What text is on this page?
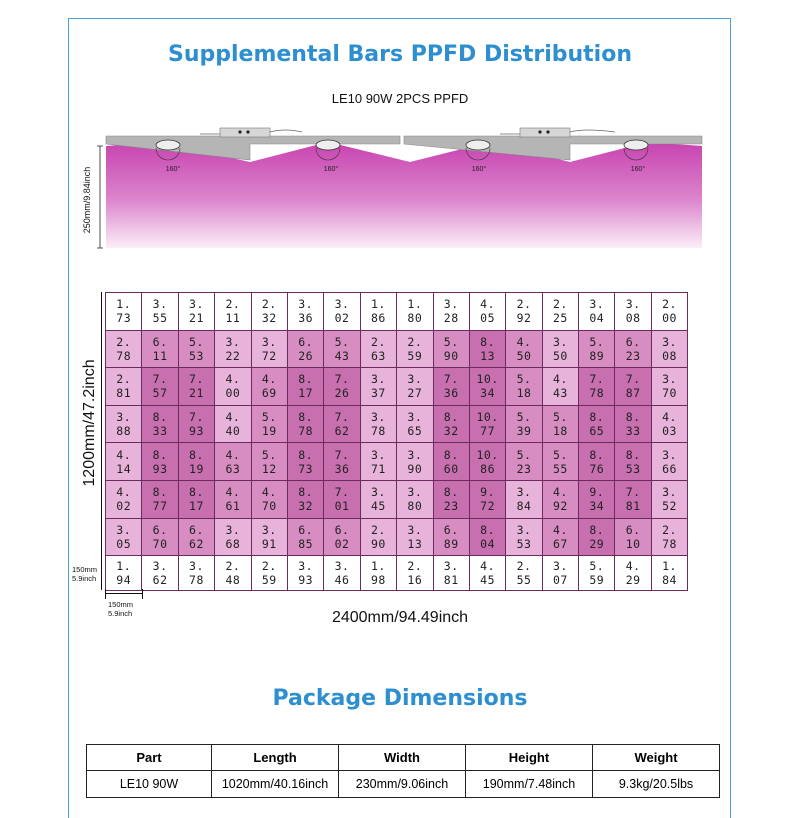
Supplemental Bars PPFD Distribution
LE10 90W 2PCS PPFD
160°	160°	160°	160°
250mm/9.84inch
1200mm/47.2inch
1. 73	3. 55	3. 21	2. 11	2. 32	3. 36	3. 02	1. 86	1. 80	3. 28	4. 05	2. 92	2. 25	3. 04	3. 08	2. 00
2. 78	6. 11	5. 53	3. 22	3. 72	6. 26	5. 43	2. 63	2. 59	5. 90	8. 13	4. 50	3. 50	5. 89	6. 23	3. 08
2. 81	7. 57	7. 21	4. 00	4. 69	8. 17	7. 26	3. 37	3. 27	7. 36	10. 34	5. 18	4. 43	7. 78	7. 87	3. 70
3. 88	8. 33	7. 93	4. 40	5. 19	8. 78	7. 62	3. 78	3. 65	8. 32	10. 77	5. 39	5. 18	8. 65	8. 33	4. 03
4. 14	8. 93	8. 19	4. 63	5. 12	8. 73	7. 36	3. 71	3. 90	8. 60	10. 86	5. 23	5. 55	8. 76	8. 53	3. 66
4. 02	8. 77	8. 17	4. 61	4. 70	8. 32	7. 01	3. 45	3. 80	8. 23	9. 72	3. 84	4. 92	9. 34	7. 81	3. 52
3. 05	6. 70	6. 62	3. 68	3. 91	6. 85	6. 02	2. 90	3. 13	6. 89	8. 04	3. 53	4. 67	8. 29	6. 10	2. 78
1. 94	3. 62	3. 78	2. 48	2. 59	3. 93	3. 46	1. 98	2. 16	3. 81	4. 45	2. 55	3. 07	5. 59	4. 29	1. 84
150mm
5.9inch
150mm
5.9inch	2400mm/94.49inch
Package Dimensions
Part	Length	Width	Height	Weight
LE10 90W	1020mm/40.16inch	230mm/9.06inch	190mm/7.48inch	9.3kg/20.5lbs
